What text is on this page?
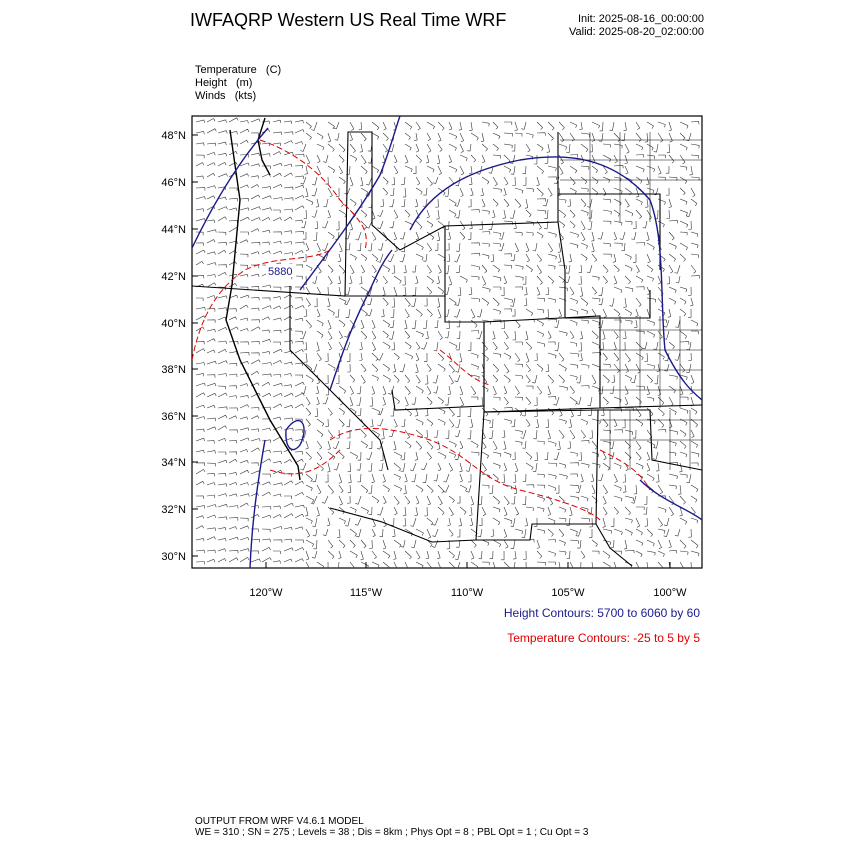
IWFAQRP Western US Real Time WRF	Init: 2025-08-16_00:00:00
Valid: 2025-08-20_02:00:00
Temperature   (C)
Height   (m)
Winds   (kts)
48°N
46°N
44°N
42°N
40°N
38°N
36°N
34°N
32°N
30°N
120°W	115°W	110°W	105°W	100°W
5880
Height Contours: 5700 to 6060 by 60
Temperature Contours: -25 to 5 by 5
OUTPUT FROM WRF V4.6.1 MODEL
WE = 310 ; SN = 275 ; Levels = 38 ; Dis = 8km ; Phys Opt = 8 ; PBL Opt = 1 ; Cu Opt = 3
